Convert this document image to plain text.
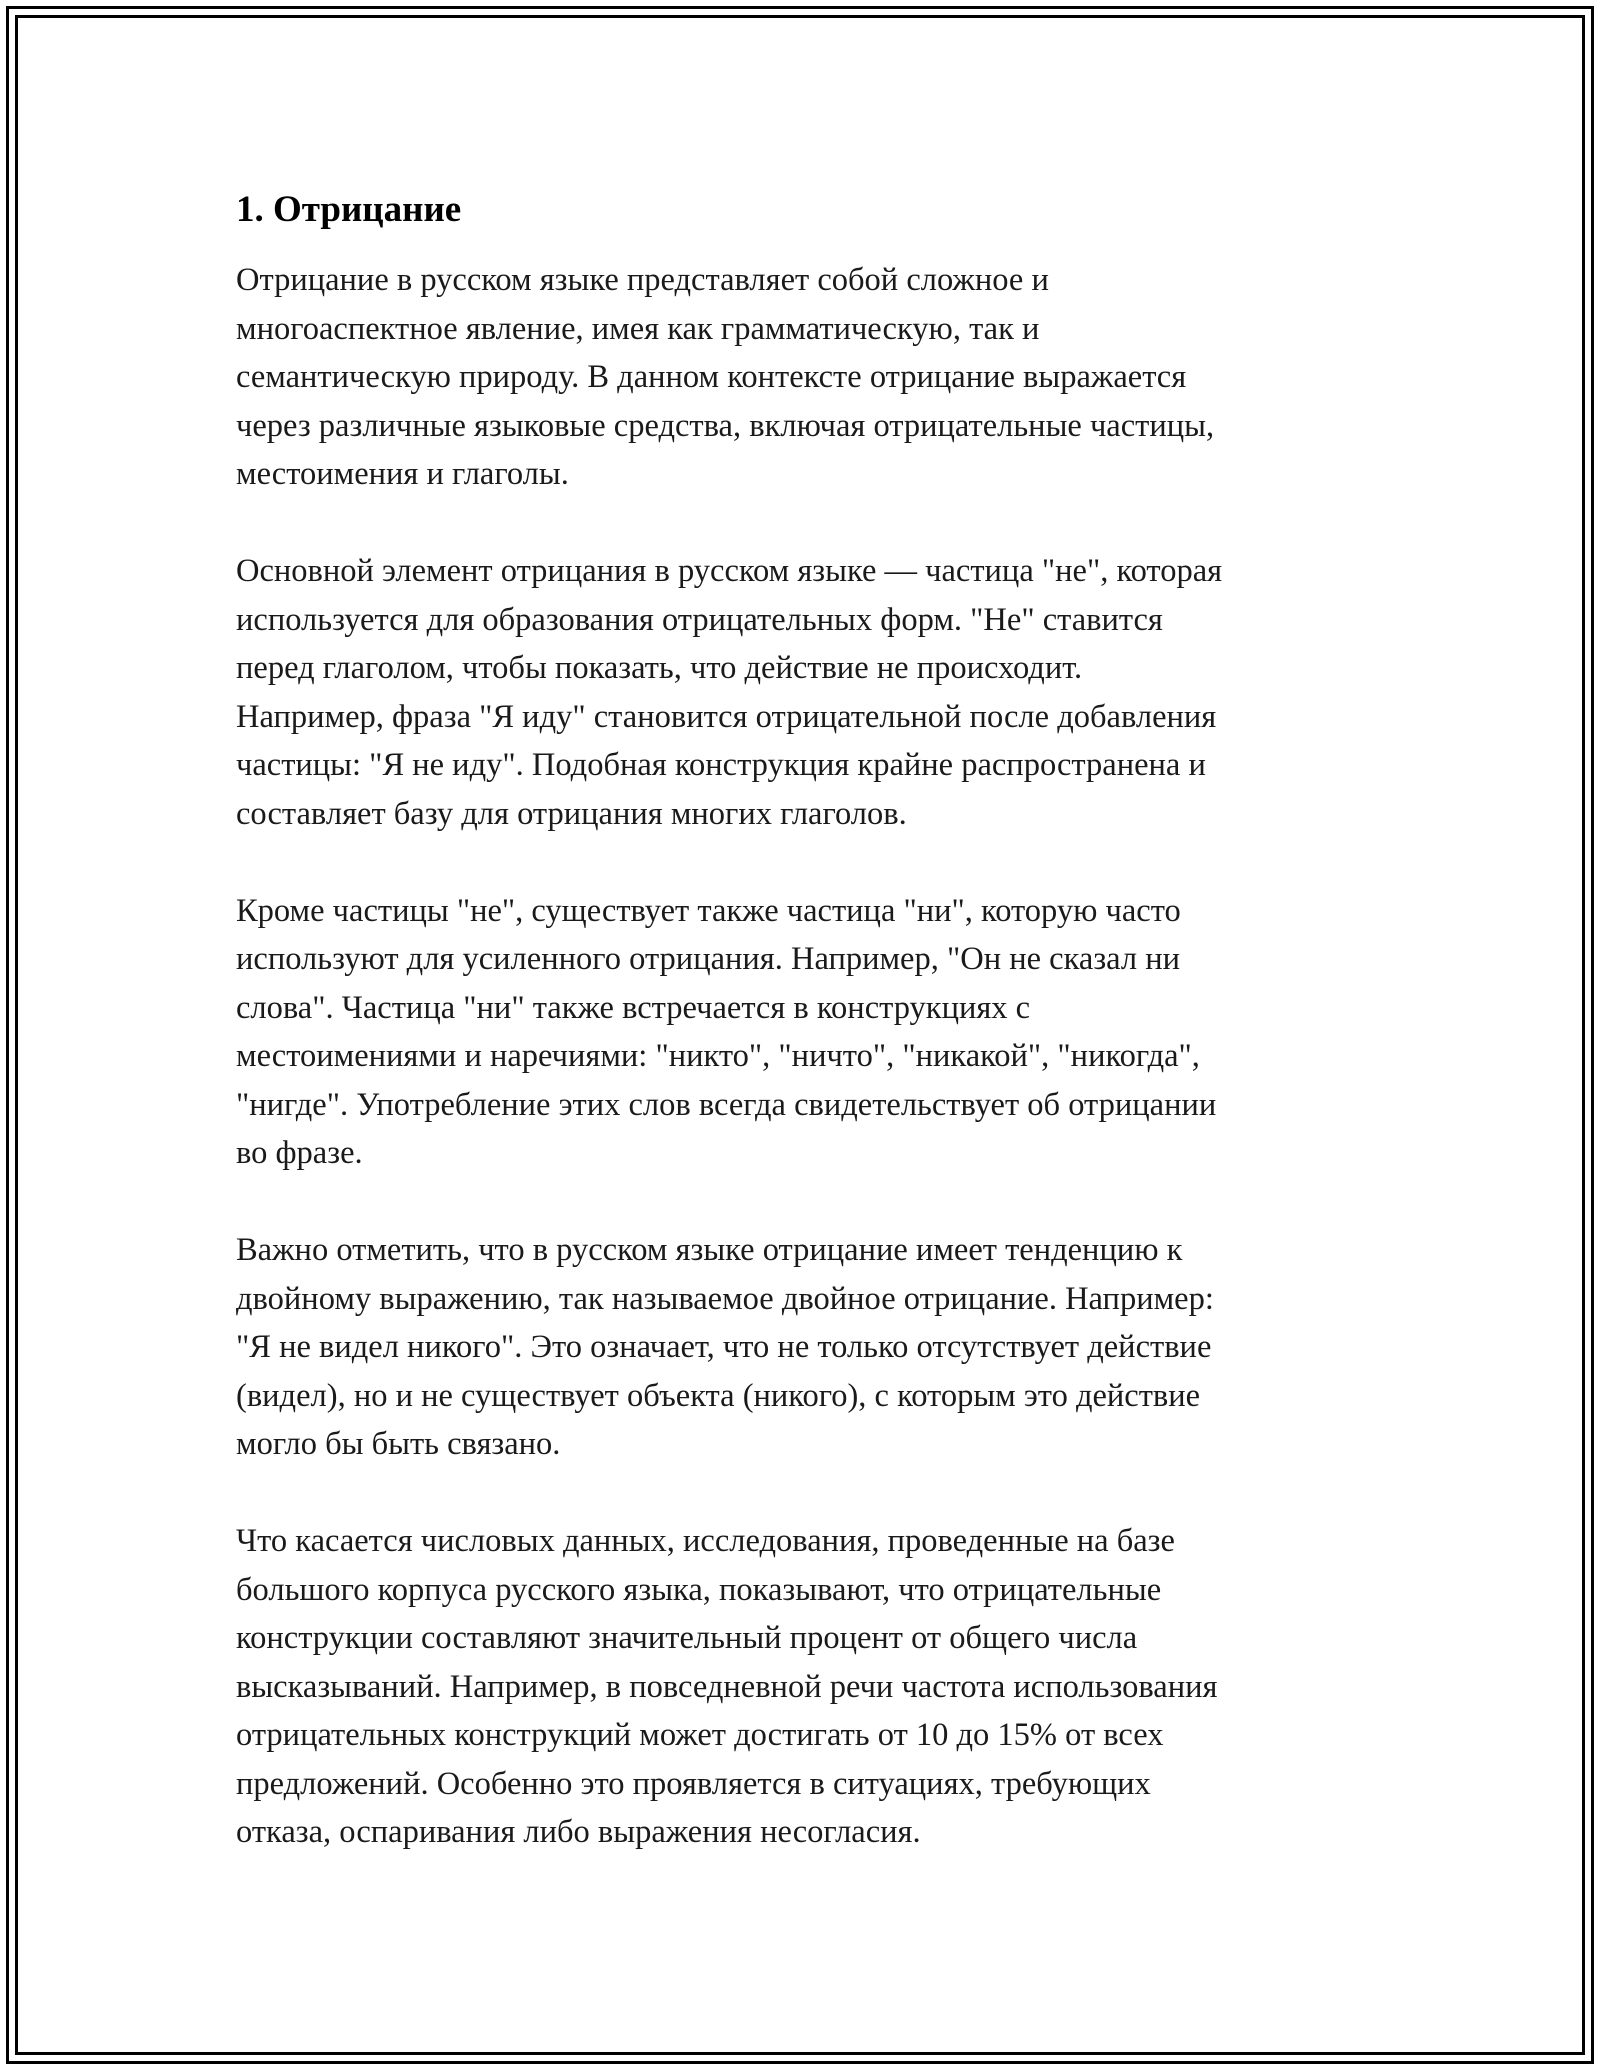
1. Отрицание
Отрицание в русском языке представляет собой сложное и
многоаспектное явление, имея как грамматическую, так и
семантическую природу. В данном контексте отрицание выражается
через различные языковые средства, включая отрицательные частицы,
местоимения и глаголы.
Основной элемент отрицания в русском языке — частица "не", которая
используется для образования отрицательных форм. "Не" ставится
перед глаголом, чтобы показать, что действие не происходит.
Например, фраза "Я иду" становится отрицательной после добавления
частицы: "Я не иду". Подобная конструкция крайне распространена и
составляет базу для отрицания многих глаголов.
Кроме частицы "не", существует также частица "ни", которую часто
используют для усиленного отрицания. Например, "Он не сказал ни
слова". Частица "ни" также встречается в конструкциях с
местоимениями и наречиями: "никто", "ничто", "никакой", "никогда",
"нигде". Употребление этих слов всегда свидетельствует об отрицании
во фразе.
Важно отметить, что в русском языке отрицание имеет тенденцию к
двойному выражению, так называемое двойное отрицание. Например:
"Я не видел никого". Это означает, что не только отсутствует действие
(видел), но и не существует объекта (никого), с которым это действие
могло бы быть связано.
Что касается числовых данных, исследования, проведенные на базе
большого корпуса русского языка, показывают, что отрицательные
конструкции составляют значительный процент от общего числа
высказываний. Например, в повседневной речи частота использования
отрицательных конструкций может достигать от 10 до 15% от всех
предложений. Особенно это проявляется в ситуациях, требующих
отказа, оспаривания либо выражения несогласия.
